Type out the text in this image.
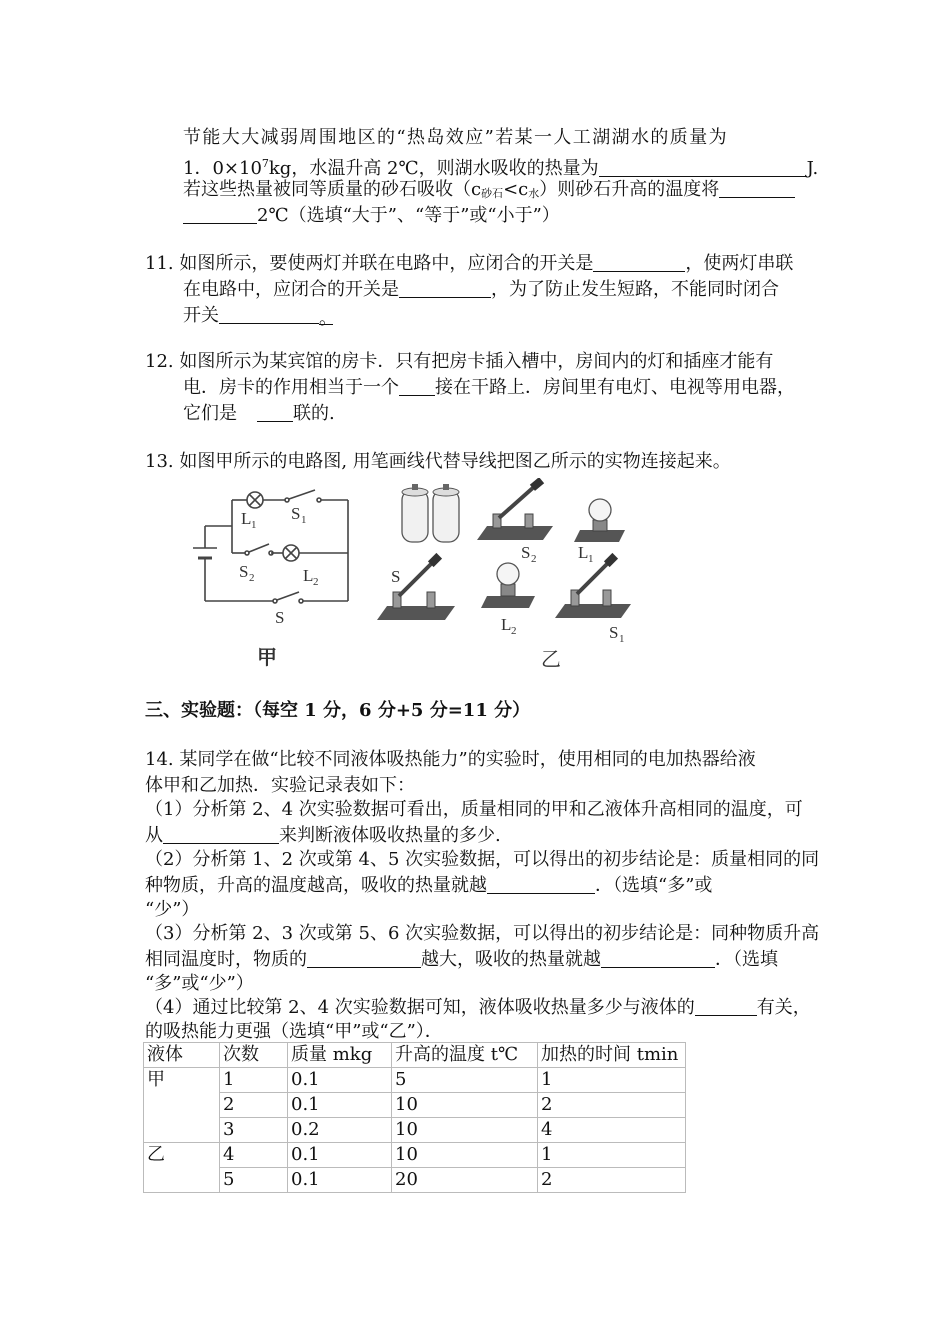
节能大大减弱周围地区的“热岛效应”若某一人工湖湖水的质量为
1．$0\times 10^7kg$，水温升高 2℃，则湖水吸收的热量为	J.
若这些热量被同等质量的砂石吸收$(c_{砂石}<c_水)$则砂石升高的温度将
2℃（选填“大于”、“等于”或“小于”）
11. 如图所示，要使两灯并联在电路中，应闭合的开关是	，使两灯串联
在电路中，应闭合的开关是	，为了防止发生短路，不能同时闭合
开关	。
12. 如图所示为某宾馆的房卡．只有把房卡插入槽中，房间内的灯和插座才能有
电．房卡的作用相当于一个 接在干路上．房间里有电灯、电视等用电器，
它们是	联的.
13. 如图甲所示的电路图, 用笔画线代替导线把图乙所示的实物连接起来。
L 1
S 1
S 2	L 2
S
甲
S 2 L 1
S
L 2	S 1
乙
三、实验题：（每空 1 分，6 分+5 分=11 分）
14. 某同学在做“比较不同液体吸热能力”的实验时，使用相同的电加热器给液
体甲和乙加热．实验记录表如下：
（1）分析第 2、4 次实验数据可看出，质量相同的甲和乙液体升高相同的温度，可
从	来判断液体吸收热量的多少.
（2）分析第 1、2 次或第 4、5 次实验数据，可以得出的初步结论是：质量相同的同
种物质，升高的温度越高，吸收的热量就越	．（选填“多”或
“少”）
（3）分析第 2、3 次或第 5、6 次实验数据，可以得出的初步结论是：同种物质升高
相同温度时，物质的	越大，吸收的热量就越	．（选填
“多”或“少”）
（4）通过比较第 2、4 次实验数据可知，液体吸收热量多少与液体的	有关，
的吸热能力更强（选填“甲”或“乙”）．
液体	次数	质量 mkg	升高的温度 t℃	加热的时间 tmin
甲	1	0.1	5	1
	2	0.1	10	2
	3	0.2	10	4
乙	4	0.1	10	1
	5	0.1	20	2
